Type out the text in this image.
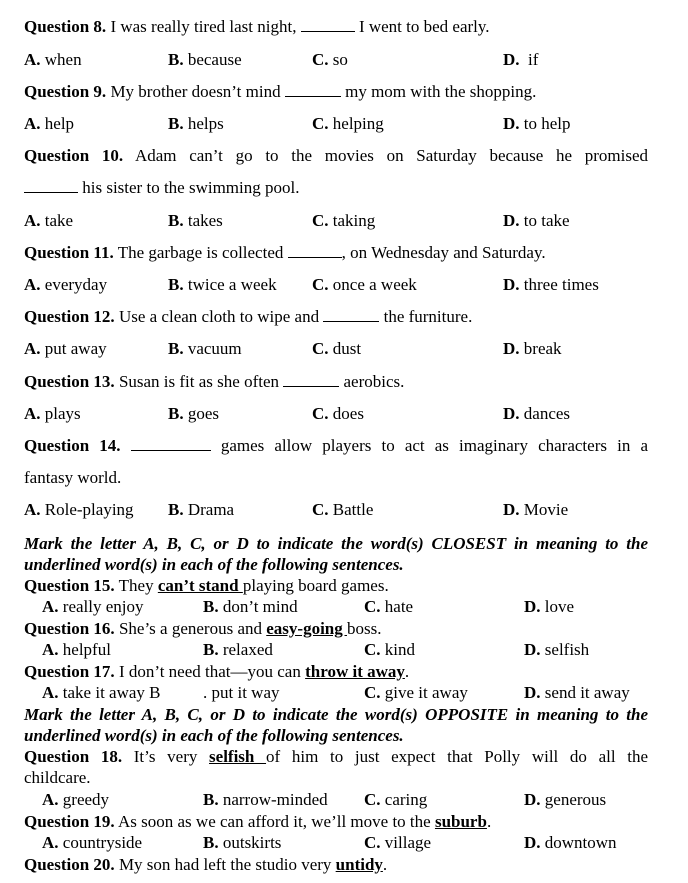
Question 8. I was really tired last night,	I went to bed early.
A. when	B. because	C. so	D. if
Question 9. My brother doesn’t mind	my mom with the shopping.
A. help	B. helps	C. helping	D. to help
Question 10. Adam can’t go to the movies on Saturday because he promised
his sister to the swimming pool.
A. take	B. takes	C. taking	D. to take
Question 11. The garbage is collected	, on Wednesday and Saturday.
A. everyday	B. twice a week C. once a week	D. three times
Question 12. Use a clean cloth to wipe and	the furniture.
A. put away	B. vacuum	C. dust	D. break
Question 13. Susan is fit as she often	aerobics.
A. plays	B. goes	C. does	D. dances
Question 14.	games allow players to act as imaginary characters in a
fantasy world.
A. Role-playing B. Drama	C. Battle	D. Movie
Mark the letter A, B, C, or D to indicate the word(s) CLOSEST in meaning to the underlined word(s) in each of the following sentences.
Question 15. They can’t stand playing board games.
A. really enjoy	B. don’t mind	C. hate	D. love
Question 16. She’s a generous and easy-going boss.
A. helpful	B. relaxed	C. kind	D. selfish
Question 17. I don’t need that—you can throw it away.
A. take it away B	. put it way	C. give it away	D. send it away
Mark the letter A, B, C, or D to indicate the word(s) OPPOSITE in meaning to the underlined word(s) in each of the following sentences.
Question 18. It’s very selfish of him to just expect that Polly will do all the
childcare.
A. greedy	B. narrow-minded C. caring	D. generous
Question 19. As soon as we can afford it, we’ll move to the suburb.
A. countryside	B. outskirts	C. village	D. downtown
Question 20. My son had left the studio very untidy.
